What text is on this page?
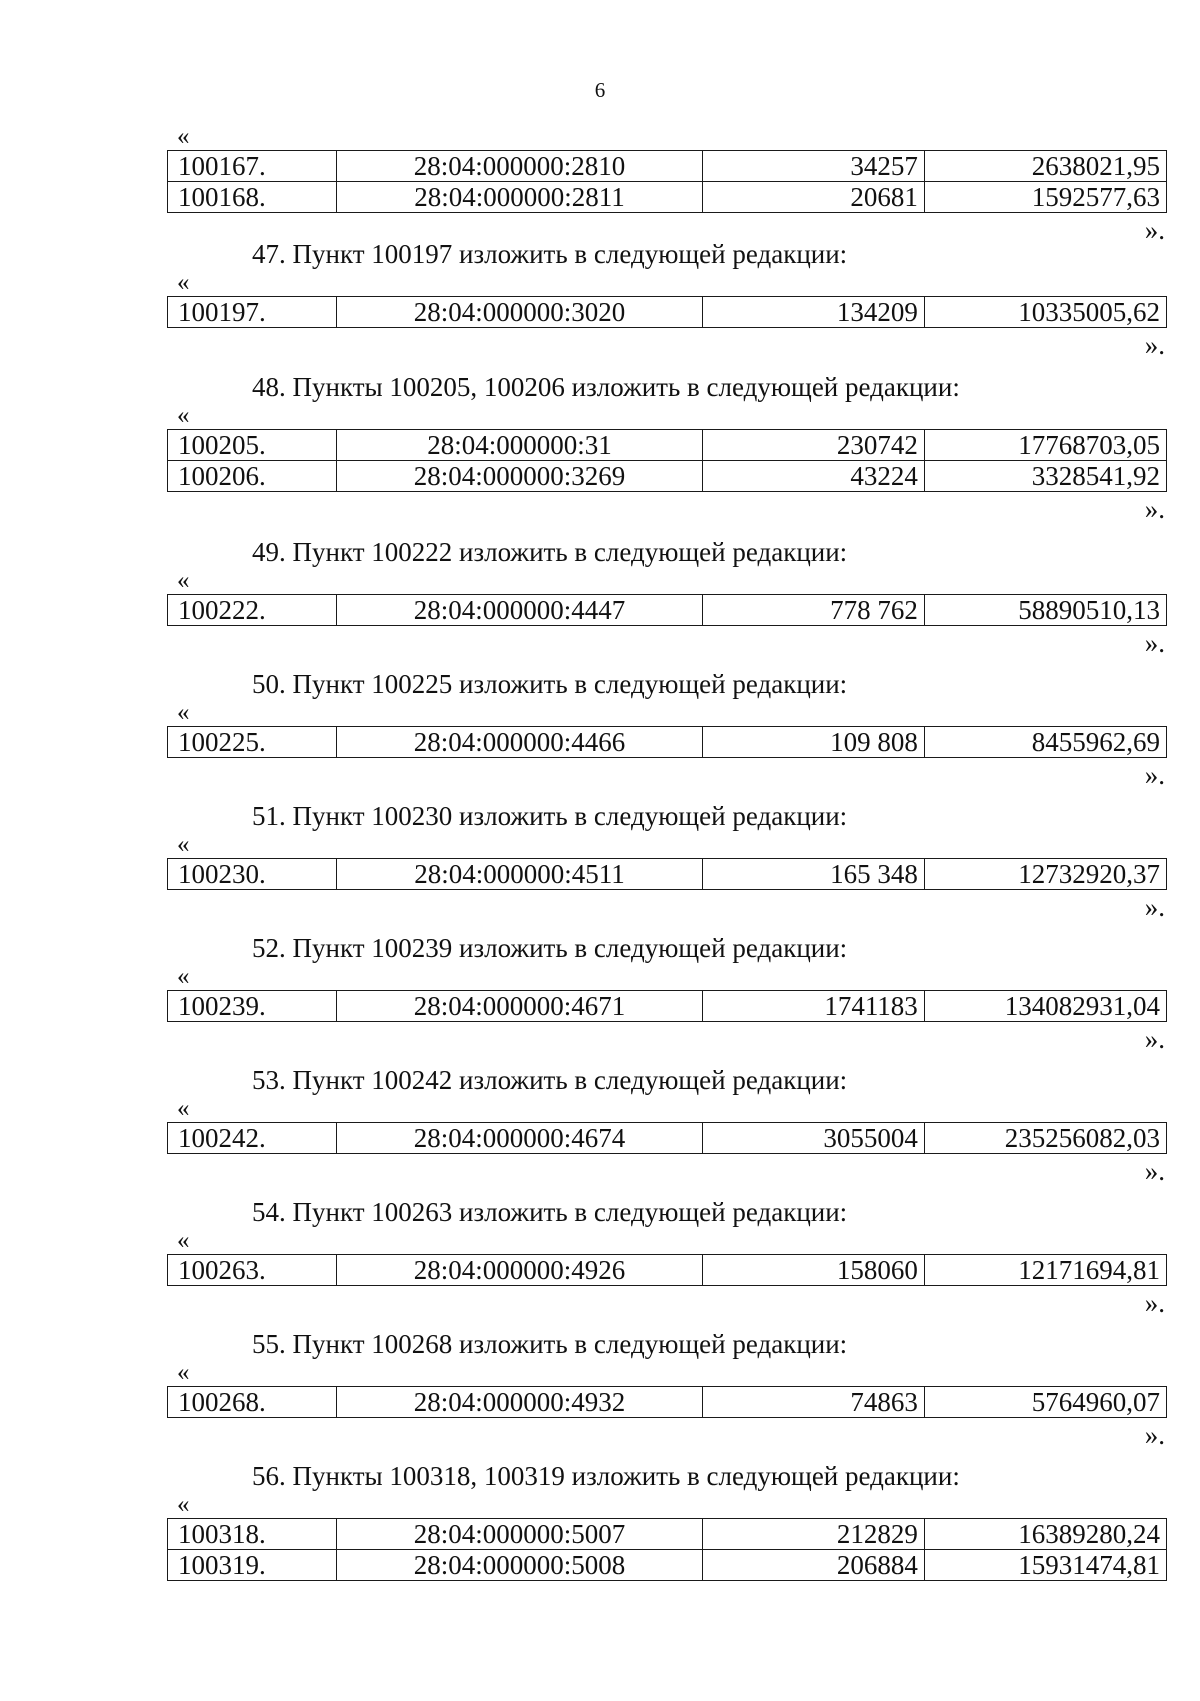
6
«
100167.	28:04:000000:2810	34257	2638021,95
100168.	28:04:000000:2811	20681	1592577,63
».
47. Пункт 100197 изложить в следующей редакции:
«
100197.	28:04:000000:3020	134209	10335005,62
».
48. Пункты 100205, 100206 изложить в следующей редакции:
«
100205.	28:04:000000:31	230742	17768703,05
100206.	28:04:000000:3269	43224	3328541,92
».
49. Пункт 100222 изложить в следующей редакции:
«
100222.	28:04:000000:4447	778 762	58890510,13
».
50. Пункт 100225 изложить в следующей редакции:
«
100225.	28:04:000000:4466	109 808	8455962,69
».
51. Пункт 100230 изложить в следующей редакции:
«
100230.	28:04:000000:4511	165 348	12732920,37
».
52. Пункт 100239 изложить в следующей редакции:
«
100239.	28:04:000000:4671	1741183	134082931,04
».
53. Пункт 100242 изложить в следующей редакции:
«
100242.	28:04:000000:4674	3055004	235256082,03
».
54. Пункт 100263 изложить в следующей редакции:
«
100263.	28:04:000000:4926	158060	12171694,81
».
55. Пункт 100268 изложить в следующей редакции:
«
100268.	28:04:000000:4932	74863	5764960,07
».
56. Пункты 100318, 100319 изложить в следующей редакции:
«
100318.	28:04:000000:5007	212829	16389280,24
100319.	28:04:000000:5008	206884	15931474,81
